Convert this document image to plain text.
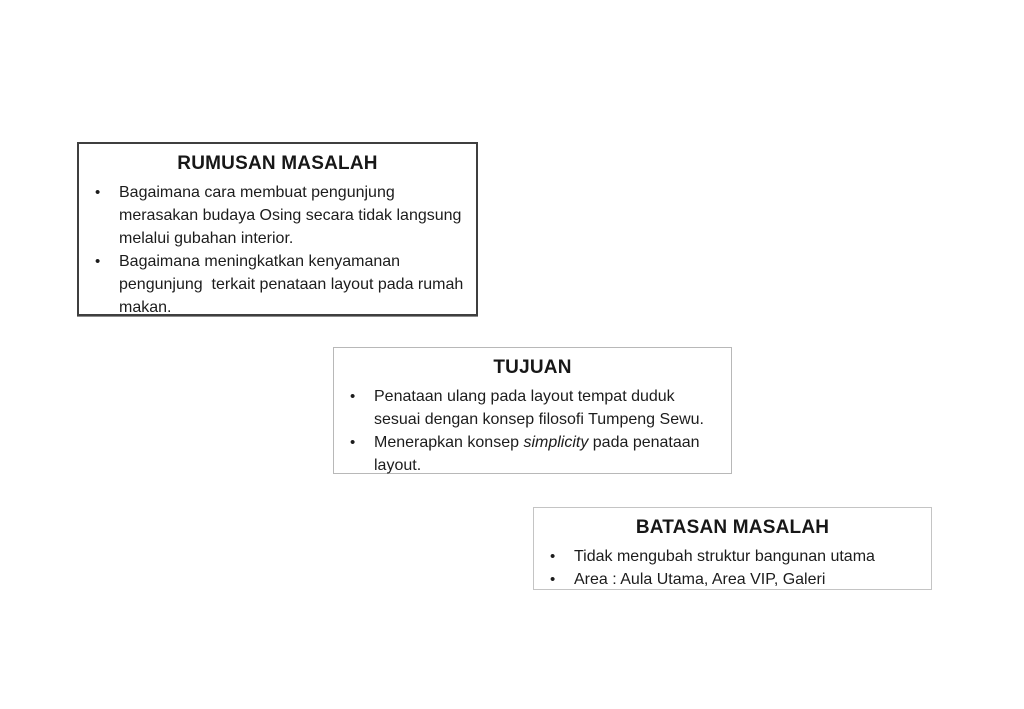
RUMUSAN MASALAH
•	Bagaimana cara membuat pengunjung merasakan budaya Osing secara tidak langsung melalui gubahan interior.
•	Bagaimana meningkatkan kenyamanan pengunjung  terkait penataan layout pada rumah makan.
TUJUAN
•	Penataan ulang pada layout tempat duduk sesuai dengan konsep filosofi Tumpeng Sewu.
•	Menerapkan konsep simplicity pada penataan layout.
BATASAN MASALAH
•	Tidak mengubah struktur bangunan utama
•	Area : Aula Utama, Area VIP, Galeri
